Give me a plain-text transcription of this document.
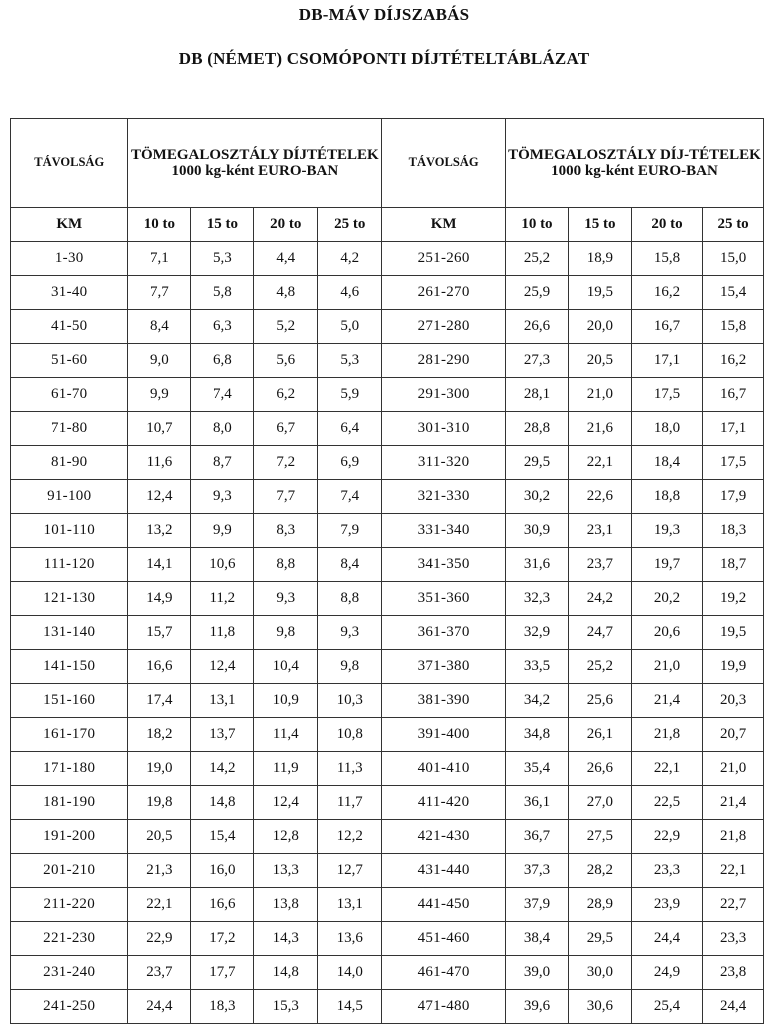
DB-MÁV DÍJSZABÁS
DB (NÉMET) CSOMÓPONTI DÍJTÉTELTÁBLÁZAT
TÁVOLSÁG	TÖMEGALOSZTÁLY DÍJTÉTELEK 1000 kg-ként EURO-BAN				TÁVOLSÁG	TÖMEGALOSZTÁLY DÍJ-TÉTELEK 1000 kg-ként EURO-BAN			
KM	10 to	15 to	20 to	25 to	KM	10 to	15 to	20 to	25 to
1-30	7,1	5,3	4,4	4,2	251-260	25,2	18,9	15,8	15,0
31-40	7,7	5,8	4,8	4,6	261-270	25,9	19,5	16,2	15,4
41-50	8,4	6,3	5,2	5,0	271-280	26,6	20,0	16,7	15,8
51-60	9,0	6,8	5,6	5,3	281-290	27,3	20,5	17,1	16,2
61-70	9,9	7,4	6,2	5,9	291-300	28,1	21,0	17,5	16,7
71-80	10,7	8,0	6,7	6,4	301-310	28,8	21,6	18,0	17,1
81-90	11,6	8,7	7,2	6,9	311-320	29,5	22,1	18,4	17,5
91-100	12,4	9,3	7,7	7,4	321-330	30,2	22,6	18,8	17,9
101-110	13,2	9,9	8,3	7,9	331-340	30,9	23,1	19,3	18,3
111-120	14,1	10,6	8,8	8,4	341-350	31,6	23,7	19,7	18,7
121-130	14,9	11,2	9,3	8,8	351-360	32,3	24,2	20,2	19,2
131-140	15,7	11,8	9,8	9,3	361-370	32,9	24,7	20,6	19,5
141-150	16,6	12,4	10,4	9,8	371-380	33,5	25,2	21,0	19,9
151-160	17,4	13,1	10,9	10,3	381-390	34,2	25,6	21,4	20,3
161-170	18,2	13,7	11,4	10,8	391-400	34,8	26,1	21,8	20,7
171-180	19,0	14,2	11,9	11,3	401-410	35,4	26,6	22,1	21,0
181-190	19,8	14,8	12,4	11,7	411-420	36,1	27,0	22,5	21,4
191-200	20,5	15,4	12,8	12,2	421-430	36,7	27,5	22,9	21,8
201-210	21,3	16,0	13,3	12,7	431-440	37,3	28,2	23,3	22,1
211-220	22,1	16,6	13,8	13,1	441-450	37,9	28,9	23,9	22,7
221-230	22,9	17,2	14,3	13,6	451-460	38,4	29,5	24,4	23,3
231-240	23,7	17,7	14,8	14,0	461-470	39,0	30,0	24,9	23,8
241-250	24,4	18,3	15,3	14,5	471-480	39,6	30,6	25,4	24,4
